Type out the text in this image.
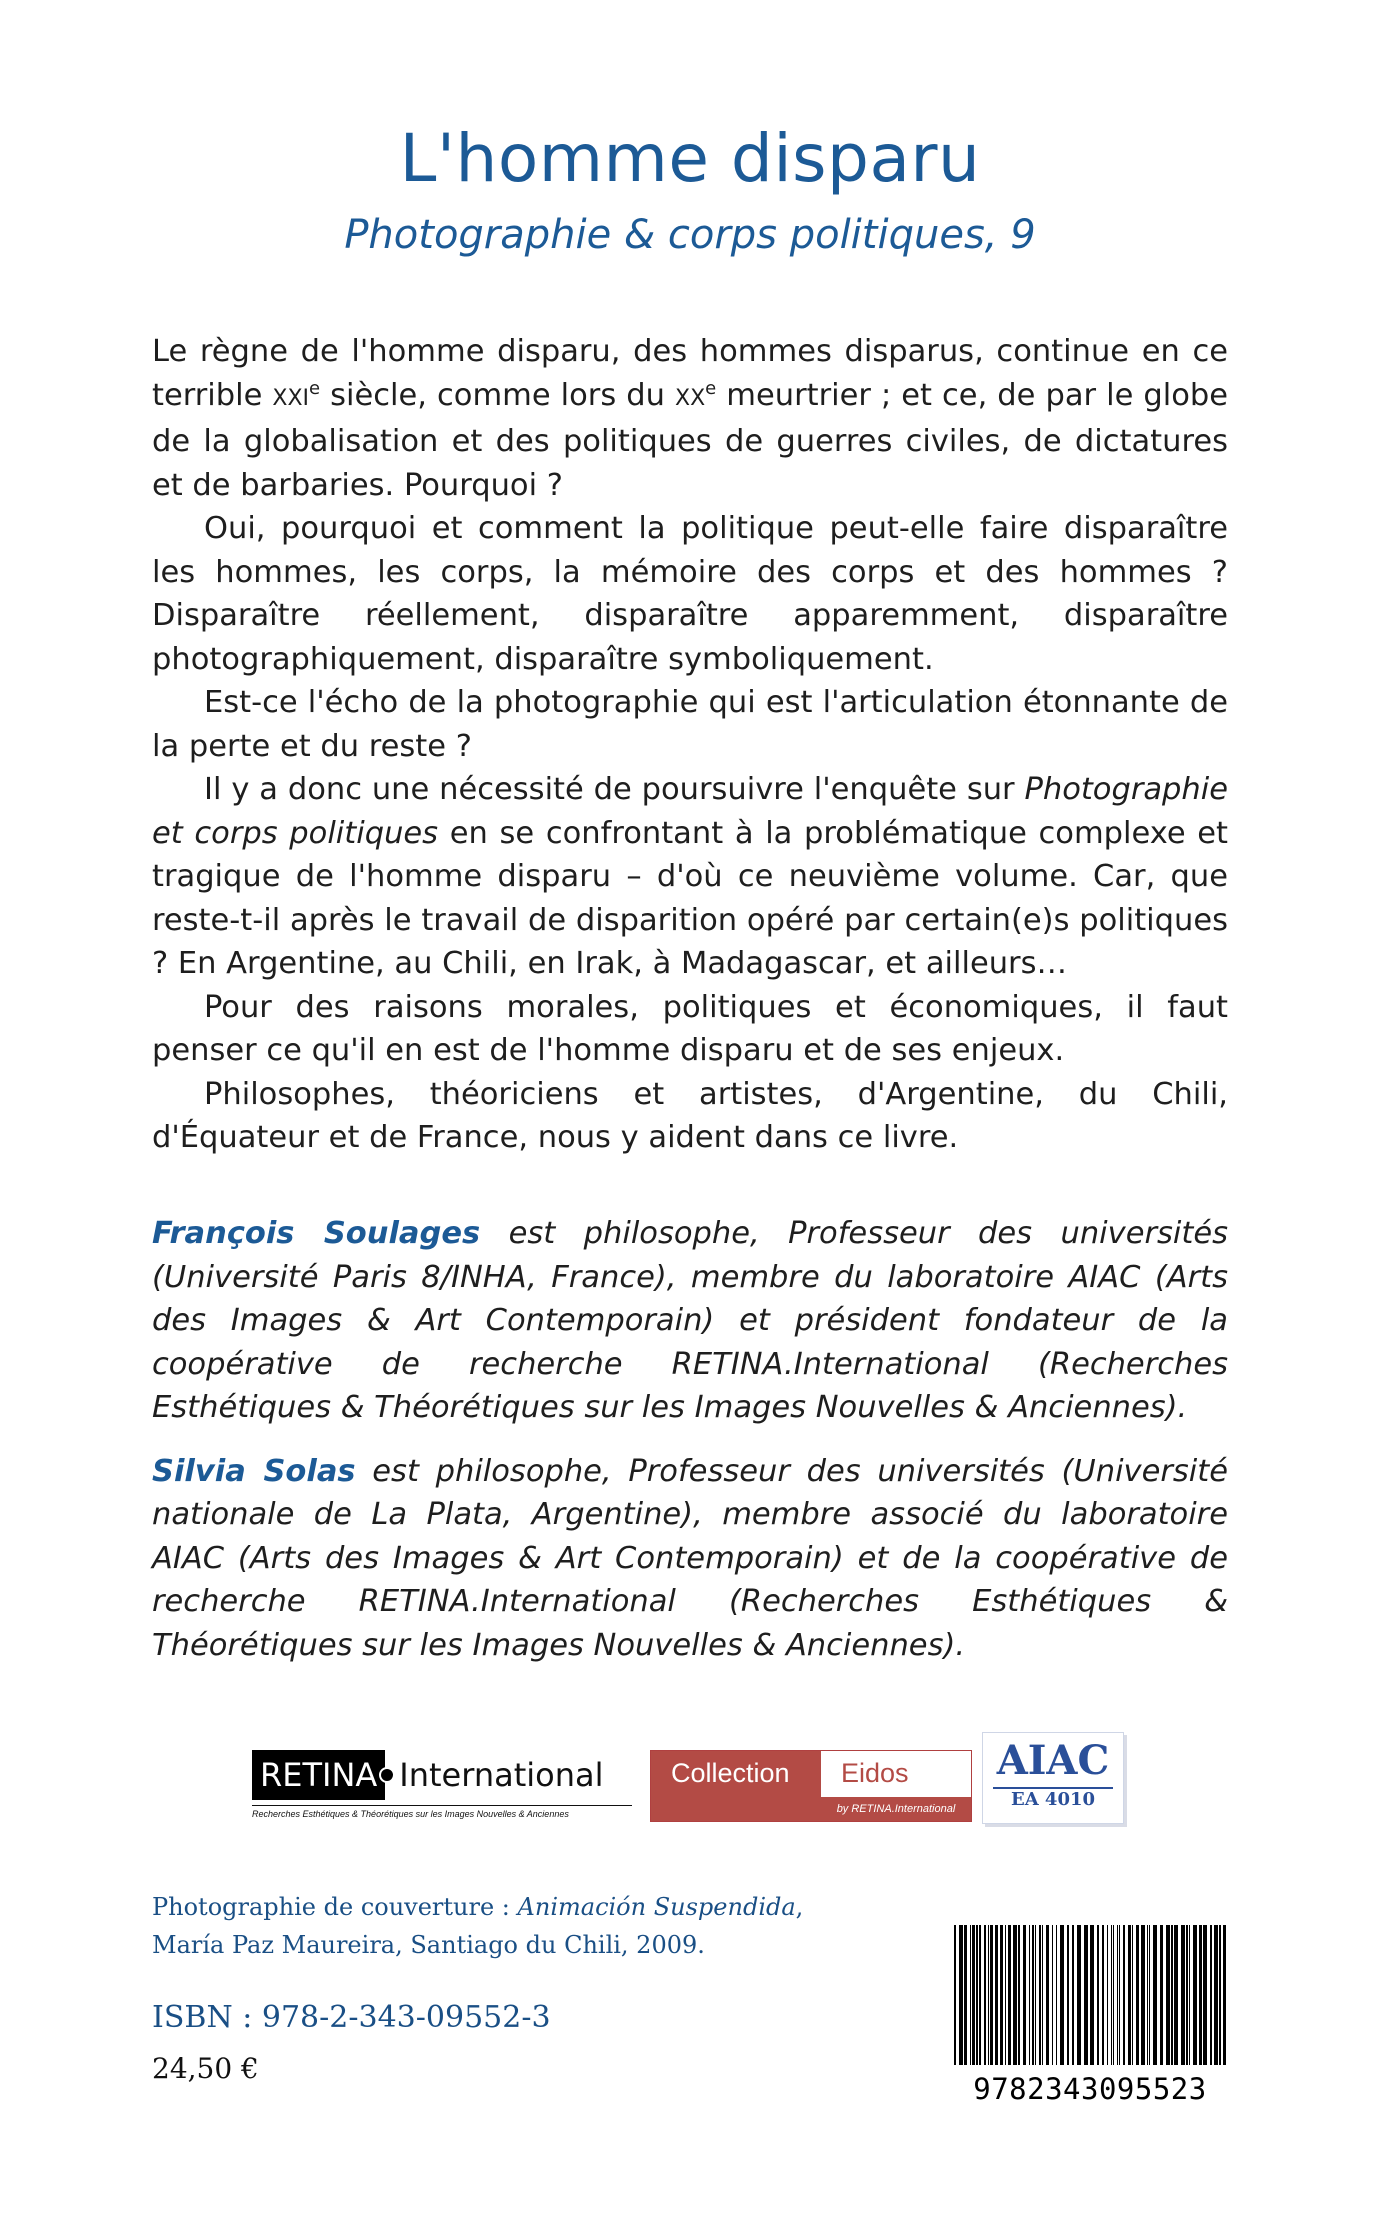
L'homme disparu
Photographie & corps politiques, 9

Le règne de l'homme disparu, des hommes disparus, continue en ce terrible XXIe siècle, comme lors du XXe meurtrier ; et ce, de par le globe de la globalisation et des politiques de guerres civiles, de dictatures et de barbaries. Pourquoi ?

Oui, pourquoi et comment la politique peut-elle faire disparaître les hommes, les corps, la mémoire des corps et des hommes ? Disparaître réellement, disparaître apparemment, disparaître photographiquement, disparaître symboliquement.

Est-ce l'écho de la photographie qui est l'articulation étonnante de la perte et du reste ?

Il y a donc une nécessité de poursuivre l'enquête sur Photographie et corps politiques en se confrontant à la problématique complexe et tragique de l'homme disparu – d'où ce neuvième volume. Car, que reste-t-il après le travail de disparition opéré par certain(e)s politiques ? En Argentine, au Chili, en Irak, à Madagascar, et ailleurs…

Pour des raisons morales, politiques et économiques, il faut penser ce qu'il en est de l'homme disparu et de ses enjeux.

Philosophes, théoriciens et artistes, d'Argentine, du Chili, d'Équateur et de France, nous y aident dans ce livre.

François Soulages est philosophe, Professeur des universités (Université Paris 8/INHA, France), membre du laboratoire AIAC (Arts des Images & Art Contemporain) et président fondateur de la coopérative de recherche RETINA.International (Recherches Esthétiques & Théorétiques sur les Images Nouvelles & Anciennes).

Silvia Solas est philosophe, Professeur des universités (Université nationale de La Plata, Argentine), membre associé du laboratoire AIAC (Arts des Images & Art Contemporain) et de la coopérative de recherche RETINA.International (Recherches Esthétiques & Théorétiques sur les Images Nouvelles & Anciennes).

RETINA International
Recherches Esthétiques & Théorétiques sur les Images Nouvelles & Anciennes
Collection	Eidos
by RETINA.International
AIAC
EA 4010
Photographie de couverture : Animación Suspendida,
María Paz Maureira, Santiago du Chili, 2009.
ISBN : 978-2-343-09552-3
24,50 €
9782343095523
